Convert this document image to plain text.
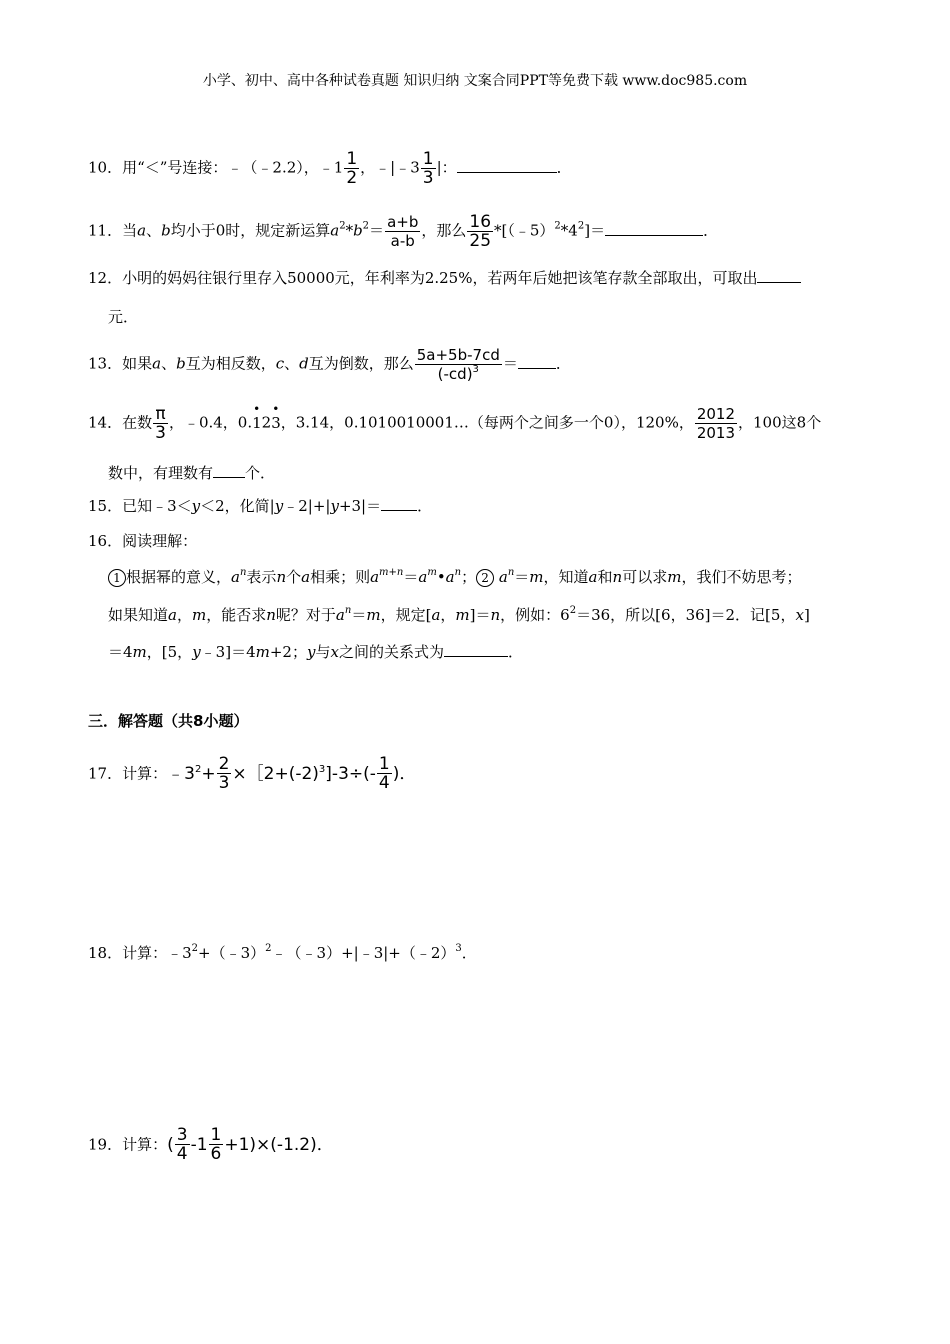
小学、初中、高中各种试卷真题 知识归纳 文案合同PPT等免费下载 www.doc985.com
10．用“＜”号连接：﹣（﹣2.2），﹣1 $\frac{1}{2}$ ，﹣|﹣3 $\frac{1}{3}$ |：	．
11．当a、b均小于0时，规定新运算$a^2*b^2= \frac{a+b}{a-b}$ ，那么 $\frac{16}{25}$ $*[(﹣5)^2*4^2]=$	．
12．小明的妈妈往银行里存入50000元，年利率为2.25%，若两年后她把该笔存款全部取出，可取出
元．
13．如果a、b互为相反数，c、d互为倒数，那么 $\frac{5a+5b-7cd}{(-cd)^3}$ ＝	．
14．在数 $\frac{\pi}{3}$ ，﹣0.4，0.• 12• 3，3.14，0.1010010001…（每两个之间多一个0），120%， $\frac{2012}{2013}$ ，100这8个
数中，有理数有 个．
15．已知﹣3＜y＜2，化简|y﹣2|+|y+3|＝ ．
16．阅读理解：
1 根据幂的意义，$a^n$表示n个a相乘；则$a^{m+n}=a^m•a^n$； 2 $a^n=m$，知道a和n可以求m，我们不妨思考；
如果知道a，m，能否求n呢？对于$a^n=m$，规定[a，m]＝n，例如：$6^2=36$，所以[6，36]＝2．记[5，x]
＝4m，[5，y﹣3]＝4m+2；y与x之间的关系式为	．
三．解答题（共8小题）
17．计算：$﹣3^2+ \frac{2}{3}$ $\times[2+(-2)^3]-3\div(- \frac{1}{4}$ )．
18．计算：$﹣3^2+(﹣3)^2﹣(﹣3)+|﹣3|+(﹣2)^3$．
19．计算：( $\frac{3}{4} -1 \frac{1}{6} +1)\times(-1.2)$．
